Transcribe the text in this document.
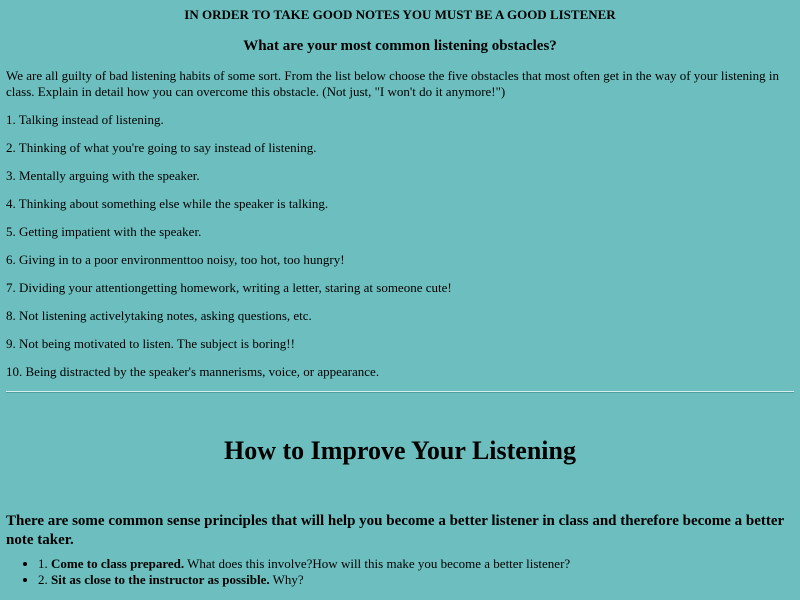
IN ORDER TO TAKE GOOD NOTES YOU MUST BE A GOOD LISTENER
What are your most common listening obstacles?
We are all guilty of bad listening habits of some sort. From the list below choose the five obstacles that most often get in the way of your listening in class. Explain in detail how you can overcome this obstacle. (Not just, "I won't do it anymore!")
1. Talking instead of listening.
2. Thinking of what you're going to say instead of listening.
3. Mentally arguing with the speaker.
4. Thinking about something else while the speaker is talking.
5. Getting impatient with the speaker.
6. Giving in to a poor environmenttoo noisy, too hot, too hungry!
7. Dividing your attentiongetting homework, writing a letter, staring at someone cute!
8. Not listening activelytaking notes, asking questions, etc.
9. Not being motivated to listen. The subject is boring!!
10. Being distracted by the speaker's mannerisms, voice, or appearance.
How to Improve Your Listening
There are some common sense principles that will help you become a better listener in class and therefore become a better note taker.
• 1. Come to class prepared. What does this involve?How will this make you become a better listener?
• 2. Sit as close to the instructor as possible. Why?
